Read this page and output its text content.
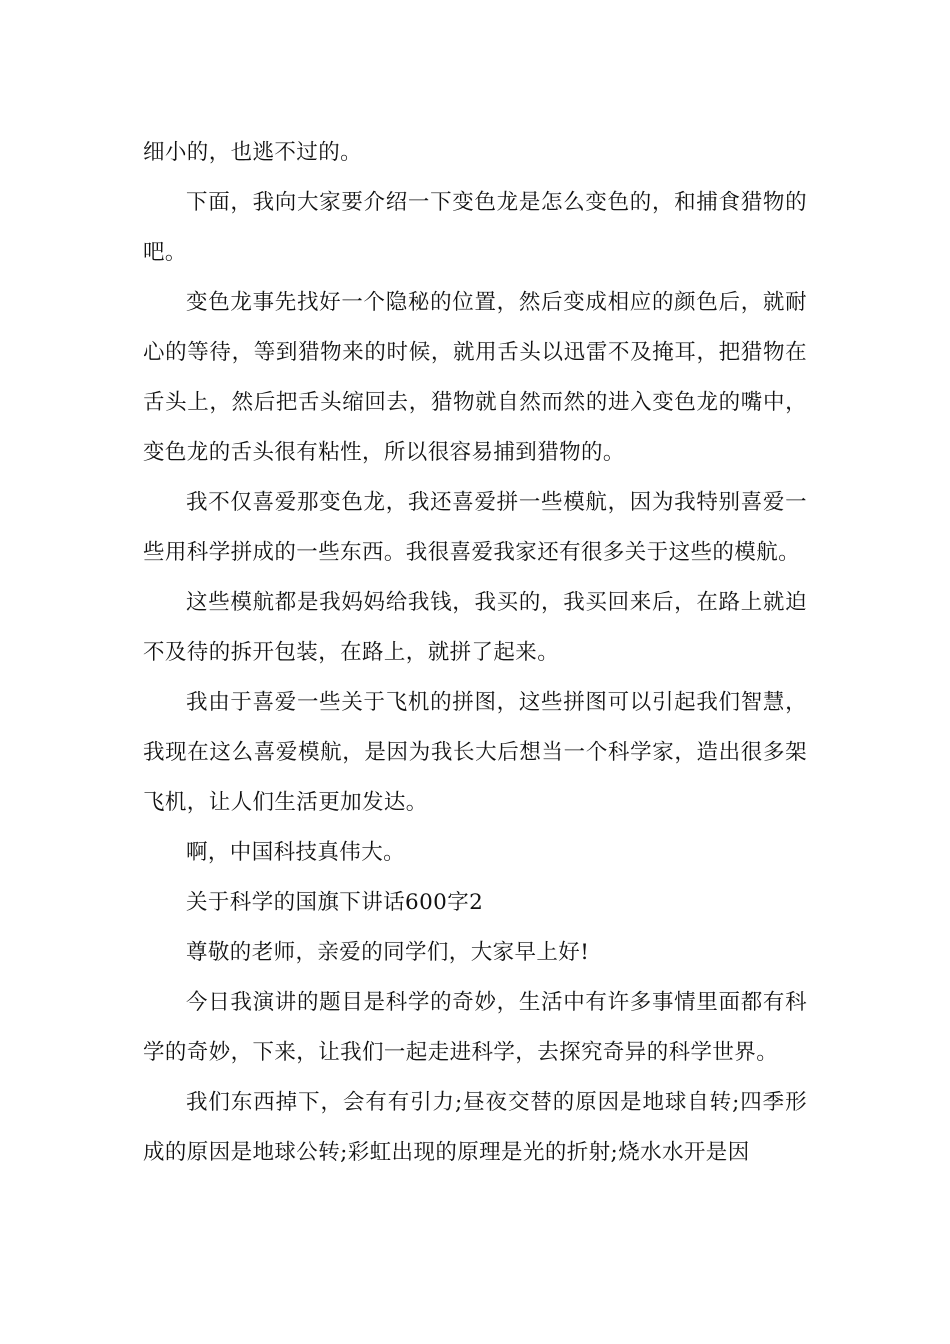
细小的，也逃不过的。

下面，我向大家要介绍一下变色龙是怎么变色的，和捕食猎物的吧。

变色龙事先找好一个隐秘的位置，然后变成相应的颜色后，就耐心的等待，等到猎物来的时候，就用舌头以迅雷不及掩耳，把猎物在舌头上，然后把舌头缩回去，猎物就自然而然的进入变色龙的嘴中，变色龙的舌头很有粘性，所以很容易捕到猎物的。

我不仅喜爱那变色龙，我还喜爱拼一些模航，因为我特别喜爱一些用科学拼成的一些东西。我很喜爱我家还有很多关于这些的模航。

这些模航都是我妈妈给我钱，我买的，我买回来后，在路上就迫不及待的拆开包装，在路上，就拼了起来。

我由于喜爱一些关于飞机的拼图，这些拼图可以引起我们智慧，我现在这么喜爱模航，是因为我长大后想当一个科学家，造出很多架飞机，让人们生活更加发达。

啊，中国科技真伟大。

关于科学的国旗下讲话600字2

尊敬的老师，亲爱的同学们，大家早上好!

今日我演讲的题目是科学的奇妙，生活中有许多事情里面都有科学的奇妙，下来，让我们一起走进科学，去探究奇异的科学世界。

我们东西掉下，会有有引力;昼夜交替的原因是地球自转;四季形成的原因是地球公转;彩虹出现的原理是光的折射;烧水水开是因
